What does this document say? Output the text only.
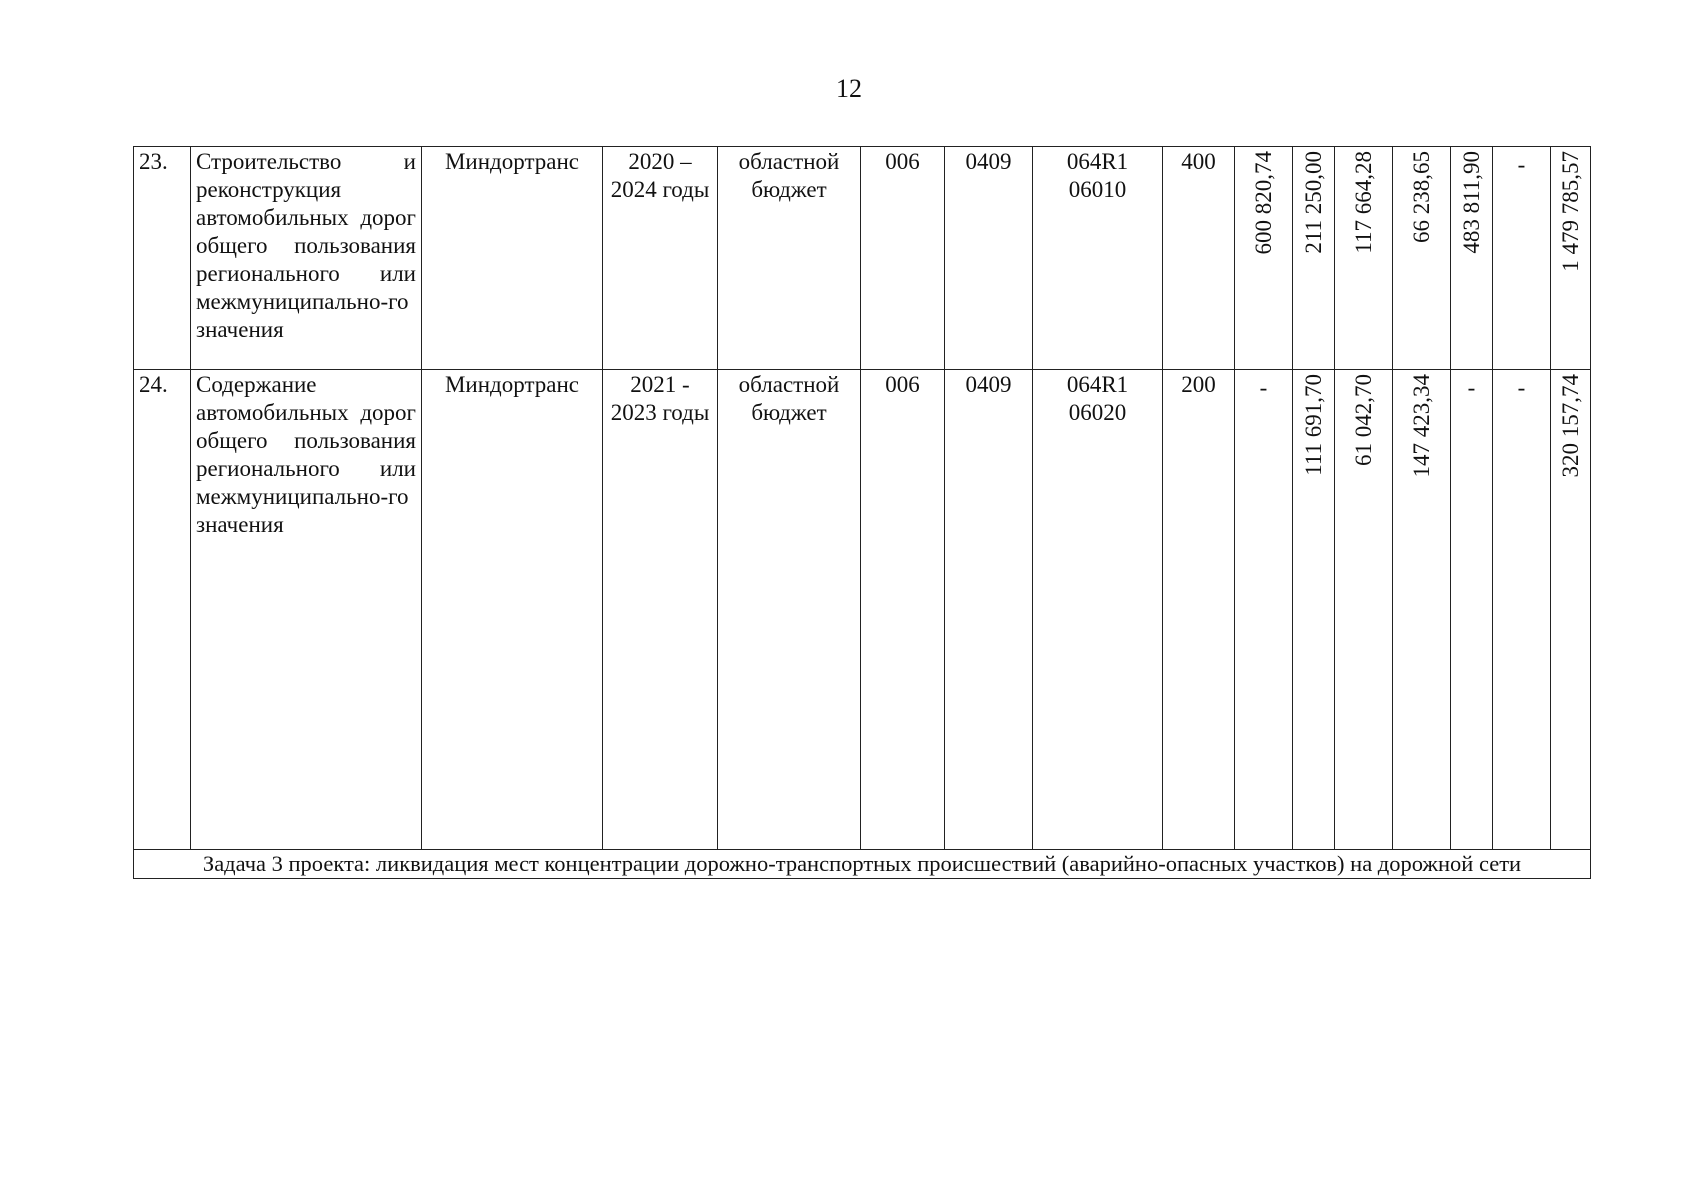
12
23.	Строительство и реконструкция автомобильных дорог общего пользования регионального или межмуниципально-го значения	Миндортранс	2020 – 2024 годы	областной бюджет	006	0409	064R1 06010	400	600 820,74	211 250,00	117 664,28	66 238,65	483 811,90	-	1 479 785,57

24.	Содержание автомобильных дорог общего пользования регионального или межмуниципально-го значения	Миндортранс	2021 - 2023 годы	областной бюджет	006	0409	064R1 06020	200	-	111 691,70	61 042,70	147 423,34	-	-	320 157,74

Задача 3 проекта: ликвидация мест концентрации дорожно-транспортных происшествий (аварийно-опасных участков) на дорожной сети															
